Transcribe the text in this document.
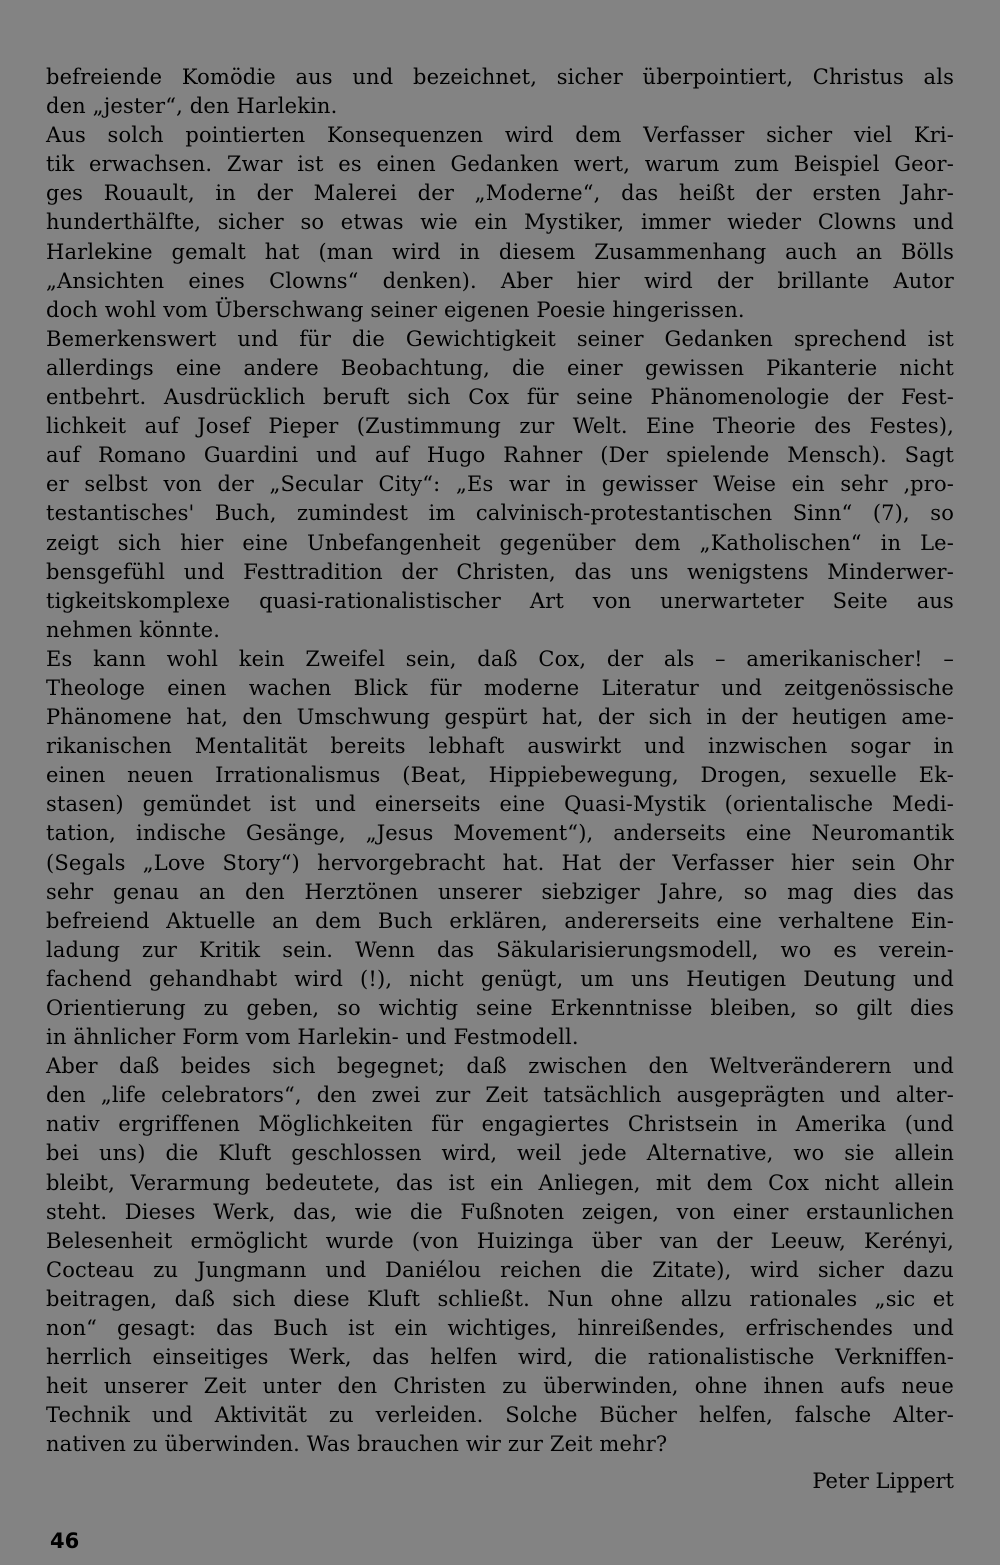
befreiende Komödie aus und bezeichnet, sicher überpointiert, Christus als
den „jester“, den Harlekin.
Aus solch pointierten Konsequenzen wird dem Verfasser sicher viel Kri-
tik erwachsen. Zwar ist es einen Gedanken wert, warum zum Beispiel Geor-
ges Rouault, in der Malerei der „Moderne“, das heißt der ersten Jahr-
hunderthälfte, sicher so etwas wie ein Mystiker, immer wieder Clowns und
Harlekine gemalt hat (man wird in diesem Zusammenhang auch an Bölls
„Ansichten eines Clowns“ denken). Aber hier wird der brillante Autor
doch wohl vom Überschwang seiner eigenen Poesie hingerissen.
Bemerkenswert und für die Gewichtigkeit seiner Gedanken sprechend ist
allerdings eine andere Beobachtung, die einer gewissen Pikanterie nicht
entbehrt. Ausdrücklich beruft sich Cox für seine Phänomenologie der Fest-
lichkeit auf Josef Pieper (Zustimmung zur Welt. Eine Theorie des Festes),
auf Romano Guardini und auf Hugo Rahner (Der spielende Mensch). Sagt
er selbst von der „Secular City“: „Es war in gewisser Weise ein sehr ‚pro-
testantisches' Buch, zumindest im calvinisch-protestantischen Sinn“ (7), so
zeigt sich hier eine Unbefangenheit gegenüber dem „Katholischen“ in Le-
bensgefühl und Festtradition der Christen, das uns wenigstens Minderwer-
tigkeitskomplexe quasi-rationalistischer Art von unerwarteter Seite aus
nehmen könnte.
Es kann wohl kein Zweifel sein, daß Cox, der als – amerikanischer! –
Theologe einen wachen Blick für moderne Literatur und zeitgenössische
Phänomene hat, den Umschwung gespürt hat, der sich in der heutigen ame-
rikanischen Mentalität bereits lebhaft auswirkt und inzwischen sogar in
einen neuen Irrationalismus (Beat, Hippiebewegung, Drogen, sexuelle Ek-
stasen) gemündet ist und einerseits eine Quasi-Mystik (orientalische Medi-
tation, indische Gesänge, „Jesus Movement“), anderseits eine Neuromantik
(Segals „Love Story“) hervorgebracht hat. Hat der Verfasser hier sein Ohr
sehr genau an den Herztönen unserer siebziger Jahre, so mag dies das
befreiend Aktuelle an dem Buch erklären, andererseits eine verhaltene Ein-
ladung zur Kritik sein. Wenn das Säkularisierungsmodell, wo es verein-
fachend gehandhabt wird (!), nicht genügt, um uns Heutigen Deutung und
Orientierung zu geben, so wichtig seine Erkenntnisse bleiben, so gilt dies
in ähnlicher Form vom Harlekin- und Festmodell.
Aber daß beides sich begegnet; daß zwischen den Weltveränderern und
den „life celebrators“, den zwei zur Zeit tatsächlich ausgeprägten und alter-
nativ ergriffenen Möglichkeiten für engagiertes Christsein in Amerika (und
bei uns) die Kluft geschlossen wird, weil jede Alternative, wo sie allein
bleibt, Verarmung bedeutete, das ist ein Anliegen, mit dem Cox nicht allein
steht. Dieses Werk, das, wie die Fußnoten zeigen, von einer erstaunlichen
Belesenheit ermöglicht wurde (von Huizinga über van der Leeuw, Kerényi,
Cocteau zu Jungmann und Daniélou reichen die Zitate), wird sicher dazu
beitragen, daß sich diese Kluft schließt. Nun ohne allzu rationales „sic et
non“ gesagt: das Buch ist ein wichtiges, hinreißendes, erfrischendes und
herrlich einseitiges Werk, das helfen wird, die rationalistische Verkniffen-
heit unserer Zeit unter den Christen zu überwinden, ohne ihnen aufs neue
Technik und Aktivität zu verleiden. Solche Bücher helfen, falsche Alter-
nativen zu überwinden. Was brauchen wir zur Zeit mehr?
Peter Lippert
46
